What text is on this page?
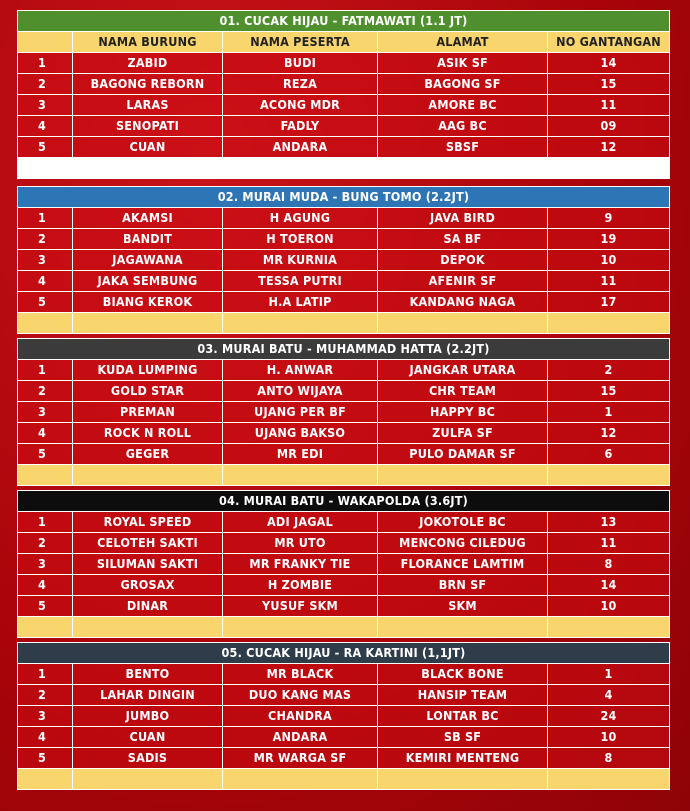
01. CUCAK HIJAU - FATMAWATI (1.1 JT)				
	NAMA BURUNG	NAMA PESERTA	ALAMAT	NO GANTANGAN
1	ZABID	BUDI	ASIK SF	14
2	BAGONG REBORN	REZA	BAGONG SF	15
3	LARAS	ACONG MDR	AMORE BC	11
4	SENOPATI	FADLY	AAG BC	09
5	CUAN	ANDARA	SBSF	12

02. MURAI MUDA - BUNG TOMO (2.2JT)				
1	AKAMSI	H AGUNG	JAVA BIRD	9
2	BANDIT	H TOERON	SA BF	19
3	JAGAWANA	MR KURNIA	DEPOK	10
4	JAKA SEMBUNG	TESSA PUTRI	AFENIR SF	11
5	BIANG KEROK	H.A LATIP	KANDANG NAGA	17

03. MURAI BATU - MUHAMMAD HATTA (2.2JT)				
1	KUDA LUMPING	H. ANWAR	JANGKAR UTARA	2
2	GOLD STAR	ANTO WIJAYA	CHR TEAM	15
3	PREMAN	UJANG PER BF	HAPPY BC	1
4	ROCK N ROLL	UJANG BAKSO	ZULFA SF	12
5	GEGER	MR EDI	PULO DAMAR SF	6

04. MURAI BATU - WAKAPOLDA (3.6JT)				
1	ROYAL SPEED	ADI JAGAL	JOKOTOLE BC	13
2	CELOTEH SAKTI	MR UTO	MENCONG CILEDUG	11
3	SILUMAN SAKTI	MR FRANKY TIE	FLORANCE LAMTIM	8
4	GROSAX	H ZOMBIE	BRN SF	14
5	DINAR	YUSUF SKM	SKM	10

05. CUCAK HIJAU - RA KARTINI (1,1JT)				
1	BENTO	MR BLACK	BLACK BONE	1
2	LAHAR DINGIN	DUO KANG MAS	HANSIP TEAM	4
3	JUMBO	CHANDRA	LONTAR BC	24
4	CUAN	ANDARA	SB SF	10
5	SADIS	MR WARGA SF	KEMIRI MENTENG	8
